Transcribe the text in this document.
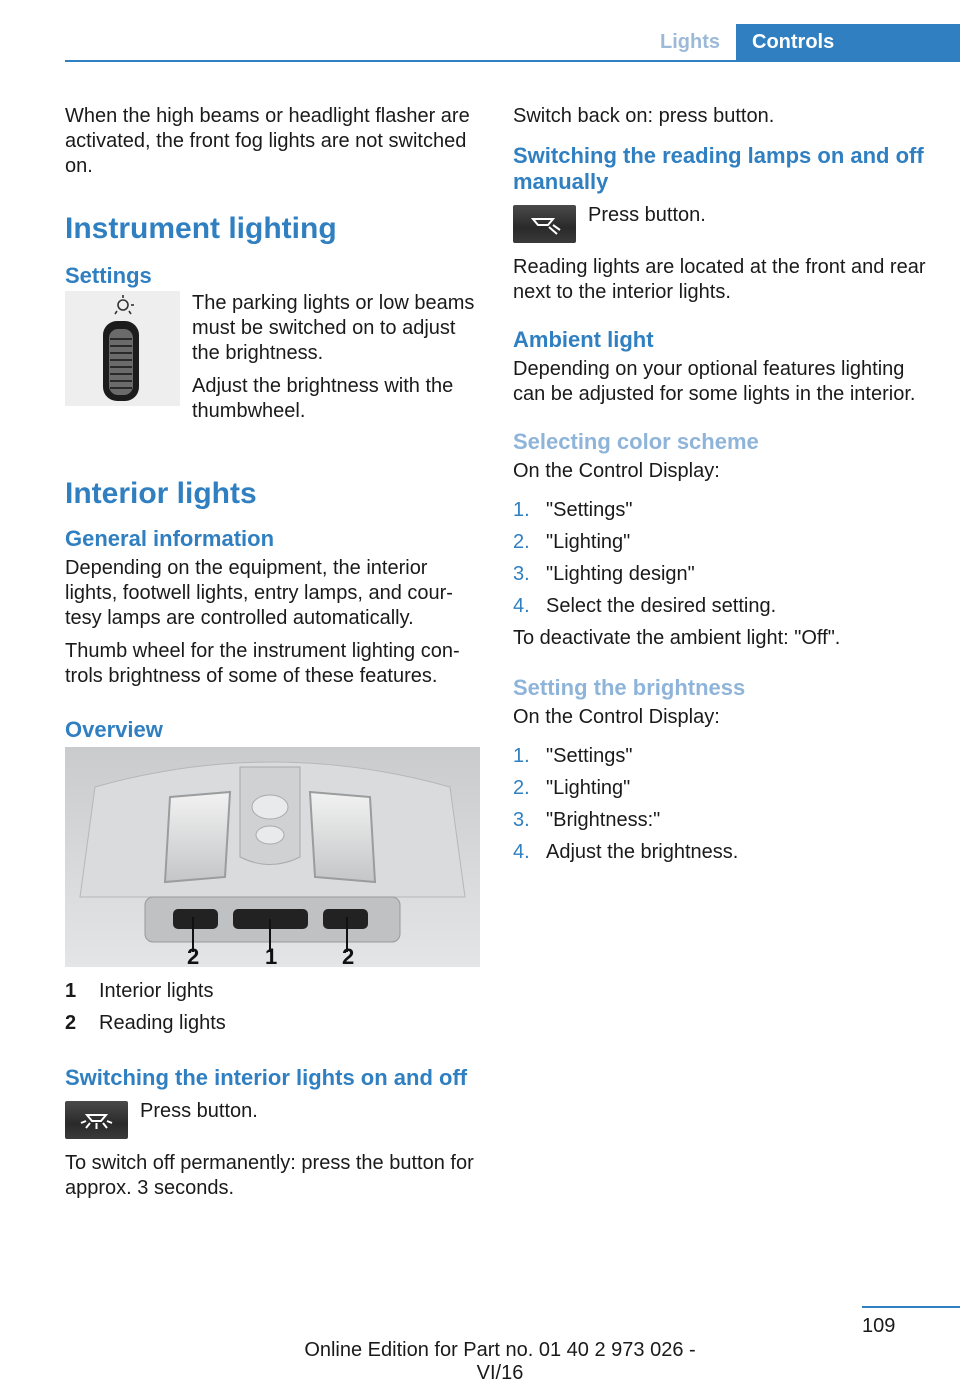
Lights	Controls

When the high beams or headlight flasher are activated, the front fog lights are not switched on.

Instrument lighting
Settings

The parking lights or low beams must be switched on to adjust the brightness.

Adjust the brightness with the thumbwheel.

Interior lights
General information

Depending on the equipment, the interior lights, footwell lights, entry lamps, and courtesy lamps are controlled automatically.

Thumb wheel for the instrument lighting controls brightness of some of these features.

Overview
2	1	2
1	Interior lights
2	Reading lights
Switching the interior lights on and off

Press button.

To switch off permanently: press the button for approx. 3 seconds.

Switch back on: press button.

Switching the reading lamps on and off manually

Press button.

Reading lights are located at the front and rear next to the interior lights.

Ambient light

Depending on your optional features lighting can be adjusted for some lights in the interior.

Selecting color scheme

On the Control Display:

1. "Settings"
2. "Lighting"
3. "Lighting design"
4. Select the desired setting.

To deactivate the ambient light: "Off".

Setting the brightness

On the Control Display:

1. "Settings"
2. "Lighting"
3. "Brightness:"
4. Adjust the brightness.
109
Online Edition for Part no. 01 40 2 973 026 - VI/16
